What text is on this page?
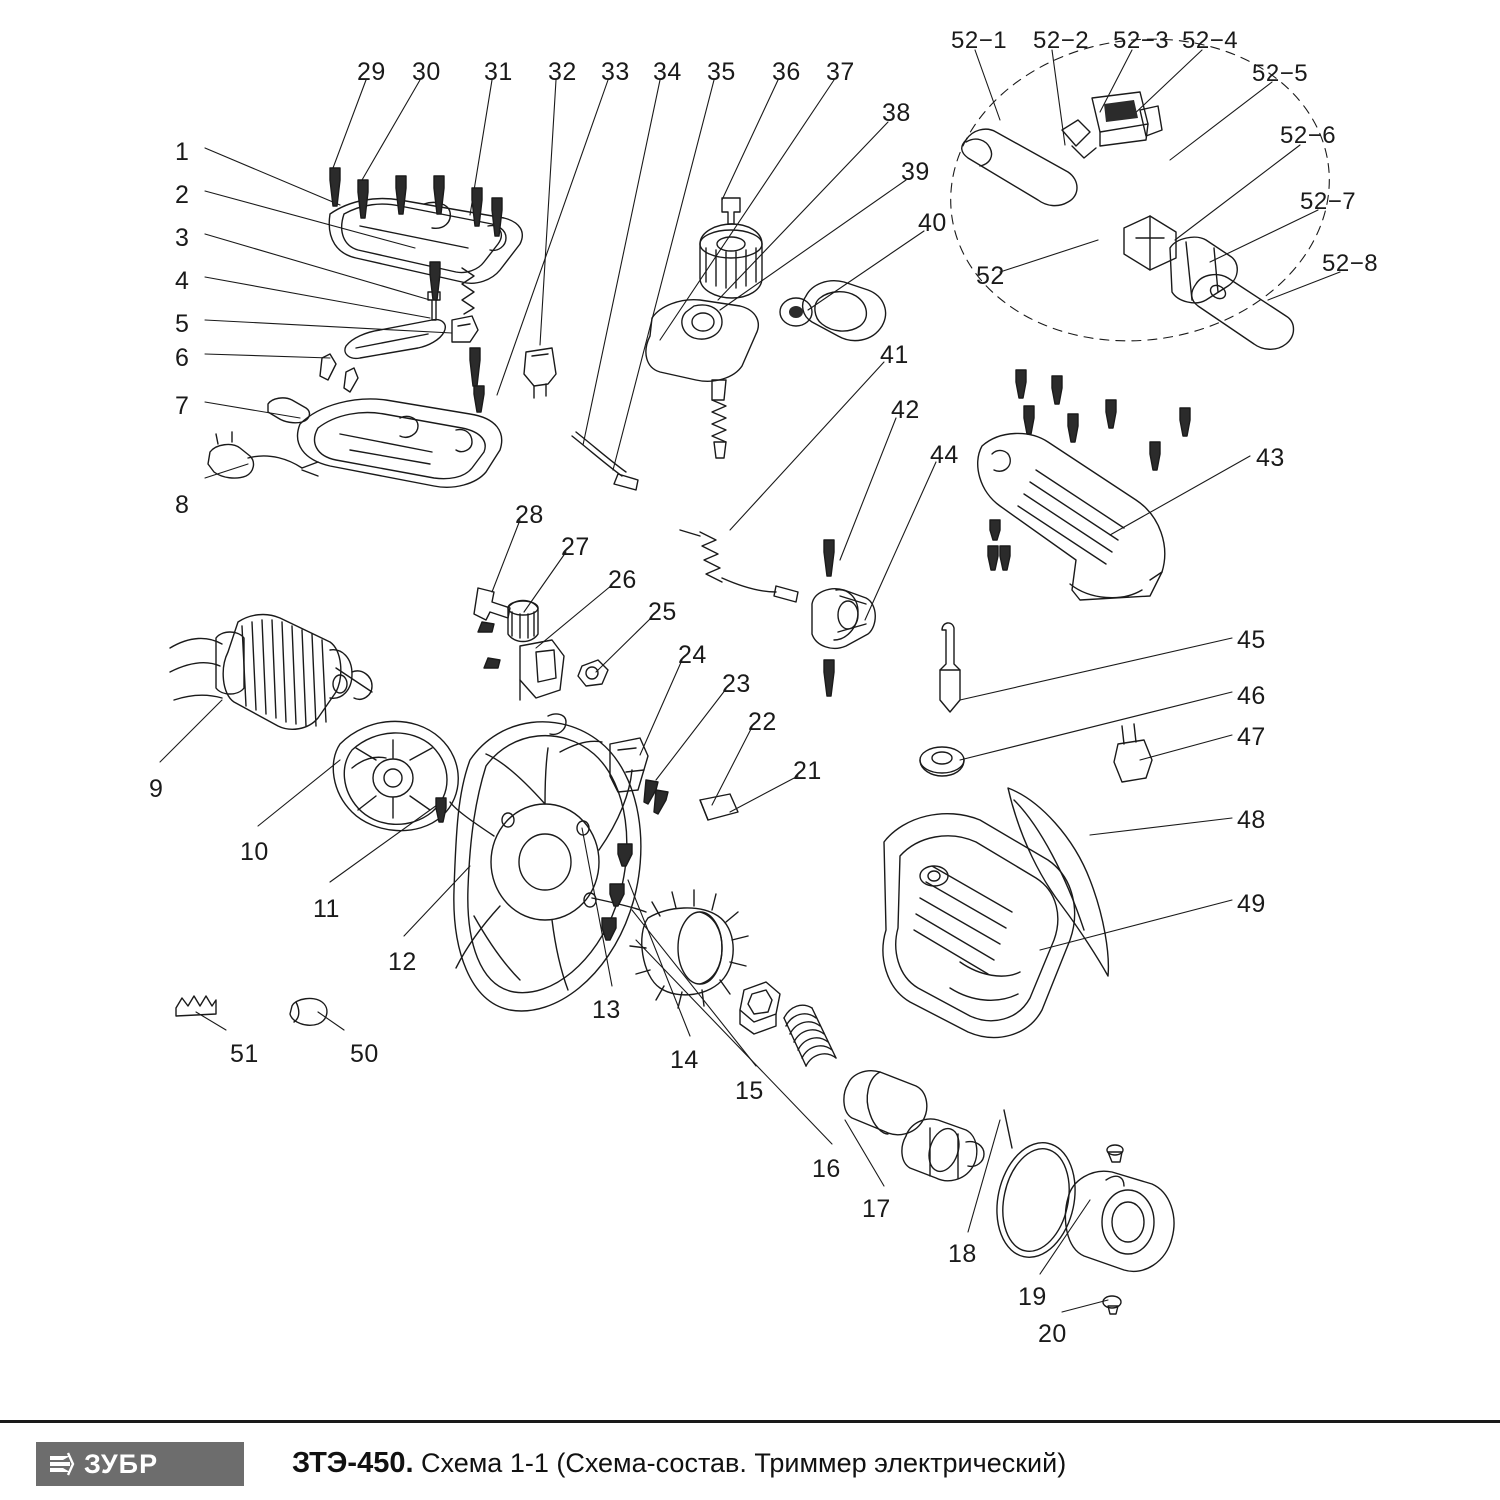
1
2
3
4
5
6
7
8
9
10
11
12
13
14
15
16
17
18
19
20
21
22
23
24
25
26
27
28
29 30 31 32 33 34 35 36 37
38
39
40
41
42
43
44
45
46
47
48
49
50
51
52
52−1 52−2 52−3 52−4
52−5
52−6
52−7
52−8
ЗУБР	ЗТЭ-450. Схема 1-1 (Схема-состав. Триммер электрический)
